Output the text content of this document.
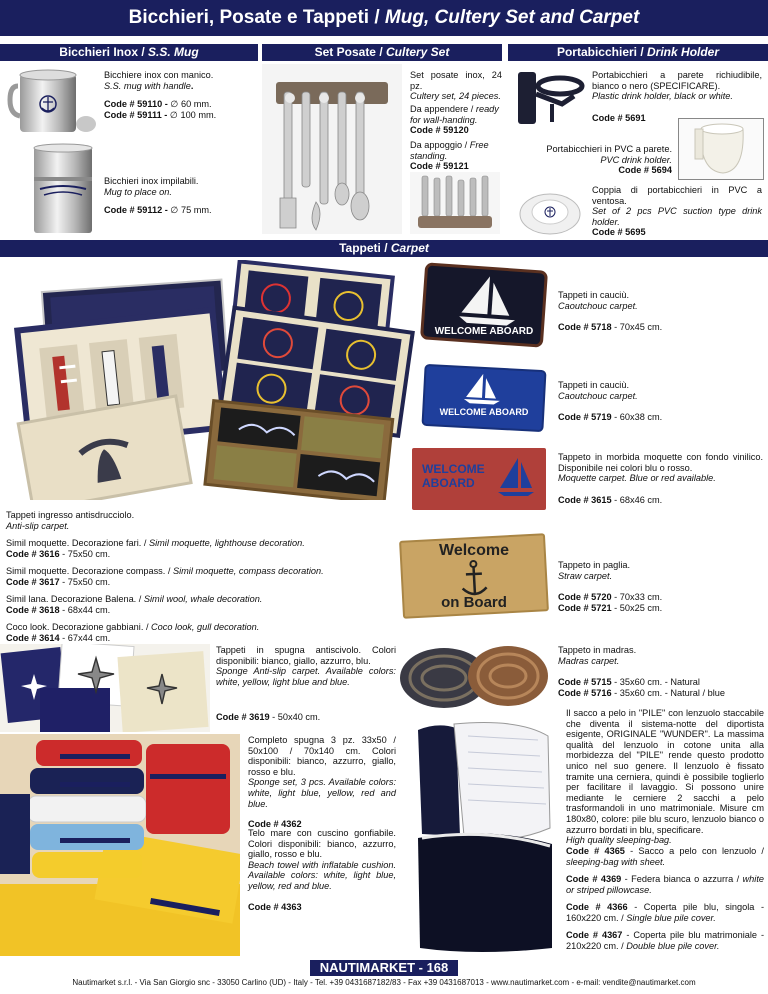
Bicchieri, Posate e Tappeti / Mug, Cultery Set and Carpet
Bicchieri Inox / S.S. Mug	Set Posate / Cultery Set	Portabicchieri / Drink Holder
Tappeti / Carpet
Bicchiere inox con manico.
S.S. mug with handle.
Code # 59110 - ∅ 60 mm.
Code # 59111 - ∅ 100 mm.
Bicchieri inox impilabili.
Mug to place on.
Code # 59112 - ∅ 75 mm.
Set posate inox, 24 pz.
Cultery set, 24 pieces.
Da appendere / ready for wall-handing.
Code # 59120
Da appoggio / Free standing.
Code # 59121
Portabicchieri a parete richiudibile, bianco o nero (SPECIFICARE).
Plastic drink holder, black or white.
Code # 5691
Portabicchieri in PVC a parete.
PVC drink holder.
Code # 5694
Coppia di portabicchieri in PVC a ventosa.
Set of 2 pcs PVC suction type drink holder.
Code # 5695
WELCOME ABOARD
Tappeti in cauciù.
Caoutchouc carpet.
Code # 5718 - 70x45 cm.
WELCOME ABOARD
Tappeti in cauciù.
Caoutchouc carpet.
Code # 5719 - 60x38 cm.
WELCOME
ABOARD
Tappeto in morbida moquette con fondo vinilico. Disponibile nei colori blu o rosso.
Moquette carpet. Blue or red available.
Code # 3615 - 68x46 cm.
Tappeti ingresso antisdrucciolo.
Anti-slip carpet.
Simil moquette. Decorazione fari. / Simil moquette, lighthouse decoration.
Code # 3616 - 75x50 cm.
Simil moquette. Decorazione compass. / Simil moquette, compass decoration.
Code # 3617 - 75x50 cm.
Simil lana. Decorazione Balena. / Simil wool, whale decoration.
Code # 3618 - 68x44 cm.
Coco look. Decorazione gabbiani. / Coco look, gull decoration.
Code # 3614 - 67x44 cm.
Welcome
on Board
Tappeto in paglia.
Straw carpet.
Code # 5720 - 70x33 cm.
Code # 5721 - 50x25 cm.
Tappeti in spugna antiscivolo. Colori disponibili: bianco, giallo, azzurro, blu.
Sponge Anti-slip carpet. Available colors: white, yellow, light blue and blue.
Code # 3619 - 50x40 cm.
Tappeto in madras.
Madras carpet.
Code # 5715 - 35x60 cm. - Natural
Code # 5716 - 35x60 cm. - Natural / blue
Completo spugna 3 pz. 33x50 / 50x100 / 70x140 cm. Colori disponibili: bianco, azzurro, giallo, rosso e blu.
Sponge set, 3 pcs. Available colors: white, light blue, yellow, red and blue.
Code # 4362
Telo mare con cuscino gonfiabile. Colori disponibili: bianco, azzurro, giallo, rosso e blu.
Beach towel with inflatable cushion. Available colors: white, light blue, yellow, red and blue.
Code # 4363
Il sacco a pelo in "PILE" con lenzuolo staccabile che diventa il sistema-notte del diportista esigente, ORIGINALE "WUNDER". La massima qualità del lenzuolo in cotone unita alla morbidezza del "PILE" rende questo prodotto unico nel suo genere. Il lenzuolo è fissato tramite una cerniera, quindi è possibile toglierlo per facilitare il lavaggio. Si possono unire mediante le cerniere 2 sacchi a pelo trasformandoli in uno matrimoniale. Misure cm 180x80, colore: pile blu scuro, lenzuolo bianco o azzurro bordati in blu, specificare.
High quality sleeping-bag.
Code # 4365 - Sacco a pelo con lenzuolo / sleeping-bag with sheet.
Code # 4369 - Federa bianca o azzurra / white or striped pillowcase.
Code # 4366 - Coperta pile blu, singola - 160x220 cm. / Single blue pile cover.
Code # 4367 - Coperta pile blu matrimoniale - 210x220 cm. / Double blue pile cover.
NAUTIMARKET - 168
Nautimarket s.r.l. - Via San Giorgio snc - 33050 Carlino (UD) - Italy - Tel. +39 0431687182/83 - Fax +39 0431687013 - www.nautimarket.com - e-mail: vendite@nautimarket.com
